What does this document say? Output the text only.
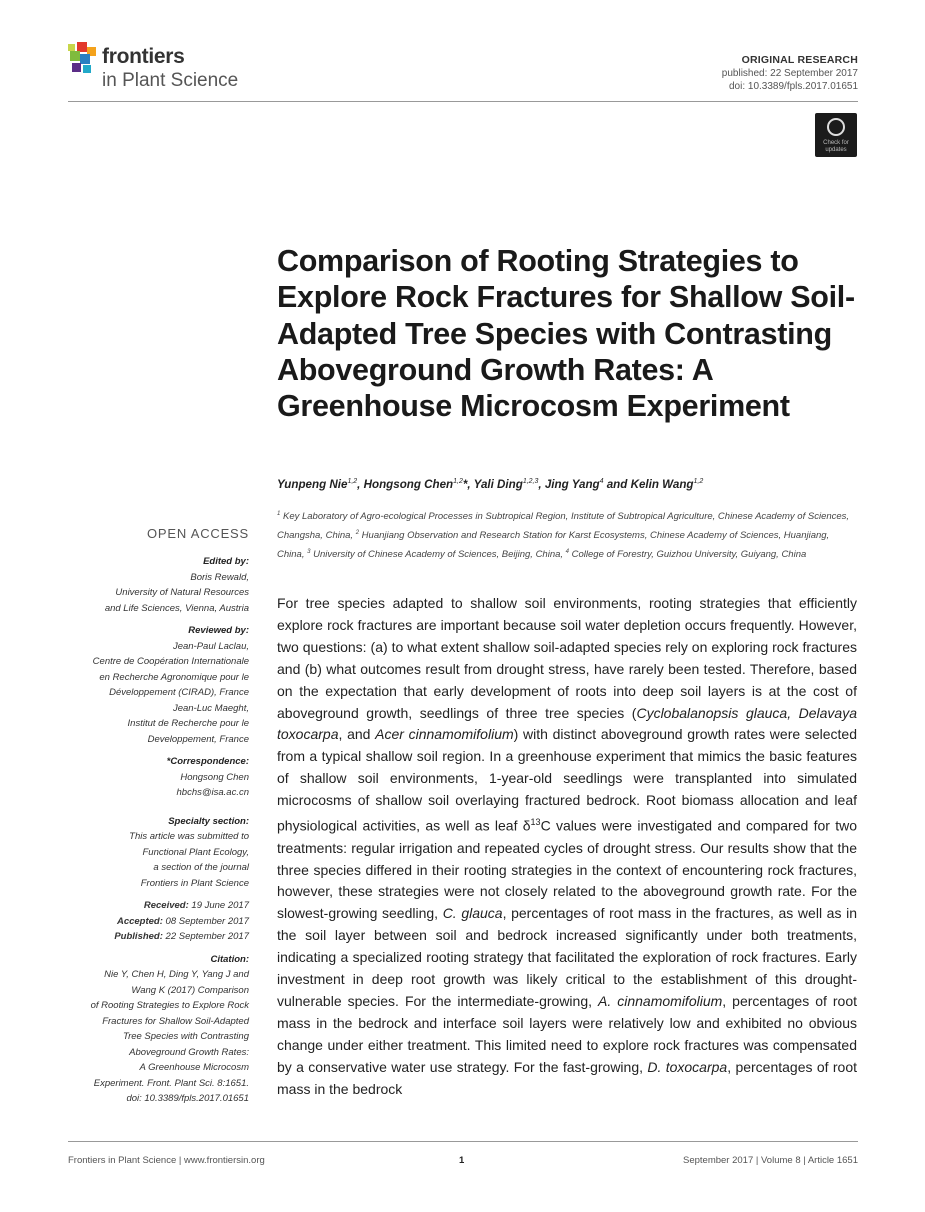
frontiers
in Plant Science
ORIGINAL RESEARCH
published: 22 September 2017
doi: 10.3389/fpls.2017.01651
Check for
updates
Comparison of Rooting Strategies to Explore Rock Fractures for Shallow Soil-Adapted Tree Species with Contrasting Aboveground Growth Rates: A Greenhouse Microcosm Experiment
Yunpeng Nie$^{1,2}$, Hongsong Chen$^{1,2}$*, Yali Ding$^{1,2,3}$, Jing Yang$^4$ and Kelin Wang$^{1,2}$
$^1$ Key Laboratory of Agro-ecological Processes in Subtropical Region, Institute of Subtropical Agriculture, Chinese Academy of Sciences, Changsha, China, $^2$ Huanjiang Observation and Research Station for Karst Ecosystems, Chinese Academy of Sciences, Huanjiang, China, $^3$ University of Chinese Academy of Sciences, Beijing, China, $^4$ College of Forestry, Guizhou University, Guiyang, China
OPEN ACCESS
Edited by:
Boris Rewald,
University of Natural Resources
and Life Sciences, Vienna, Austria
Reviewed by:
Jean-Paul Laclau,
Centre de Coopération Internationale
en Recherche Agronomique pour le
Développement (CIRAD), France
Jean-Luc Maeght,
Institut de Recherche pour le
Developpement, France
*Correspondence:
Hongsong Chen
hbchs@isa.ac.cn
Specialty section:
This article was submitted to
Functional Plant Ecology,
a section of the journal
Frontiers in Plant Science
Received: 19 June 2017
Accepted: 08 September 2017
Published: 22 September 2017
Citation:
Nie Y, Chen H, Ding Y, Yang J and
Wang K (2017) Comparison
of Rooting Strategies to Explore Rock
Fractures for Shallow Soil-Adapted
Tree Species with Contrasting
Aboveground Growth Rates:
A Greenhouse Microcosm
Experiment. Front. Plant Sci. 8:1651.
doi: 10.3389/fpls.2017.01651

For tree species adapted to shallow soil environments, rooting strategies that efficiently explore rock fractures are important because soil water depletion occurs frequently. However, two questions: (a) to what extent shallow soil-adapted species rely on exploring rock fractures and (b) what outcomes result from drought stress, have rarely been tested. Therefore, based on the expectation that early development of roots into deep soil layers is at the cost of aboveground growth, seedlings of three tree species (Cyclobalanopsis glauca, Delavaya toxocarpa, and Acer cinnamomifolium) with distinct aboveground growth rates were selected from a typical shallow soil region. In a greenhouse experiment that mimics the basic features of shallow soil environments, 1-year-old seedlings were transplanted into simulated microcosms of shallow soil overlaying fractured bedrock. Root biomass allocation and leaf physiological activities, as well as leaf $\delta^{13}C$ values were investigated and compared for two treatments: regular irrigation and repeated cycles of drought stress. Our results show that the three species differed in their rooting strategies in the context of encountering rock fractures, however, these strategies were not closely related to the aboveground growth rate. For the slowest-growing seedling, C. glauca, percentages of root mass in the fractures, as well as in the soil layer between soil and bedrock increased significantly under both treatments, indicating a specialized rooting strategy that facilitated the exploration of rock fractures. Early investment in deep root growth was likely critical to the establishment of this drought-vulnerable species. For the intermediate-growing, A. cinnamomifolium, percentages of root mass in the bedrock and interface soil layers were relatively low and exhibited no obvious change under either treatment. This limited need to explore rock fractures was compensated by a conservative water use strategy. For the fast-growing, D. toxocarpa, percentages of root mass in the bedrock

Frontiers in Plant Science | www.frontiersin.org	1	September 2017 | Volume 8 | Article 1651
